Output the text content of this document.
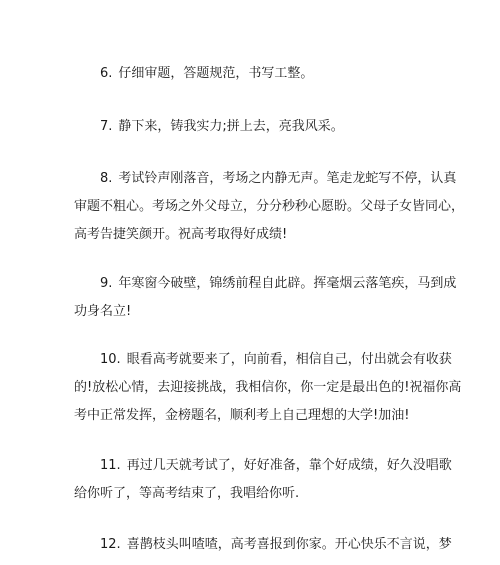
6. 仔细审题，答题规范，书写工整。

7. 静下来，铸我实力;拼上去，亮我风采。

8. 考试铃声刚落音，考场之内静无声。笔走龙蛇写不停，认真
审题不粗心。考场之外父母立，分分秒秒心愿盼。父母子女皆同心，
高考告捷笑颜开。祝高考取得好成绩!

9. 年寒窗今破壁，锦绣前程自此辟。挥毫烟云落笔疾，马到成
功身名立!

10. 眼看高考就要来了，向前看，相信自己，付出就会有收获
的!放松心情，去迎接挑战，我相信你，你一定是最出色的!祝福你高
考中正常发挥，金榜题名，顺利考上自己理想的大学!加油!

11. 再过几天就考试了，好好准备，靠个好成绩，好久没唱歌
给你听了，等高考结束了，我唱给你听.

12. 喜鹊枝头叫喳喳，高考喜报到你家。开心快乐不言说，梦
